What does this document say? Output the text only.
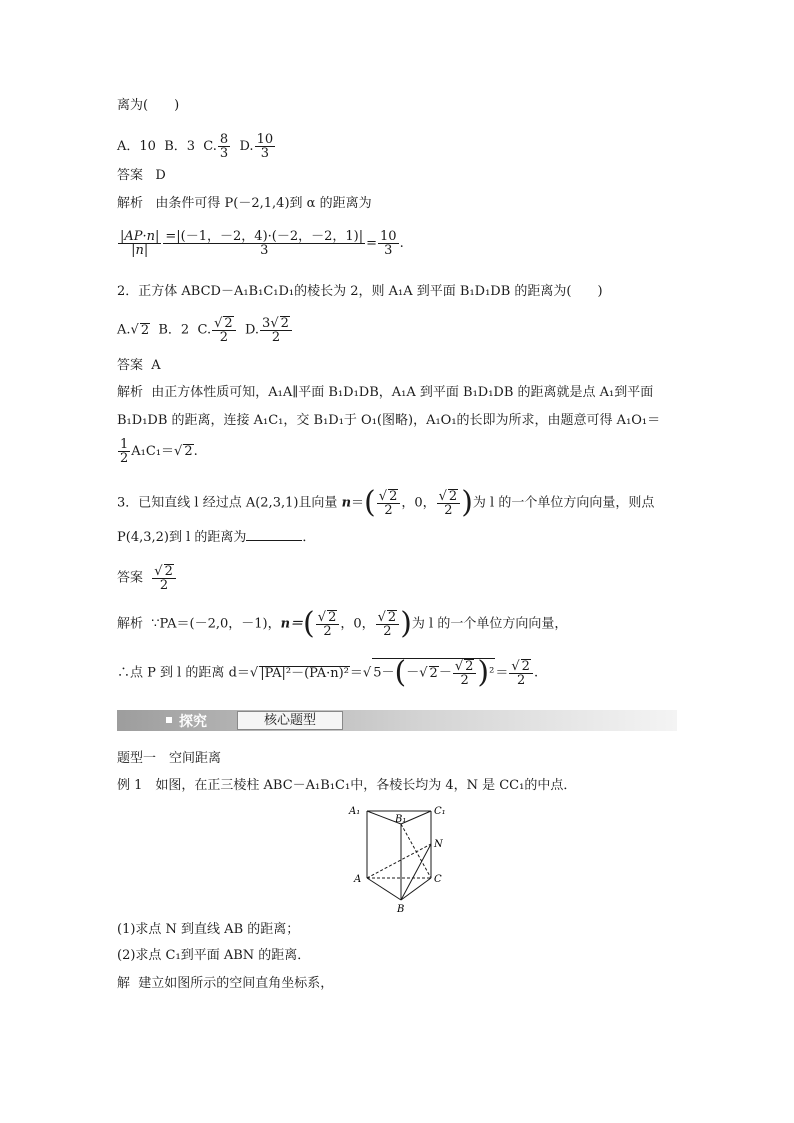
离为(　　)
A．10 B．3 C. $\frac{8}{3} D$. $\frac{10}{3}$
答案 D
解析 由条件可得 P(－2,1,4)到 α 的距离为
$\frac{|AP\cdot n|}{|n|} \frac{=|(-1,-2,4)\cdot(-2,-2,1)|}{3} = \frac{10}{3}$ .
2．正方体 ABCD－A₁B₁C₁D₁的棱长为 2，则 A₁A 到平面 B₁D₁DB 的距离为(　　)
A.√ 2 B．2 C. $\frac{√ 2}{2} D$. $\frac{3√ 2}{2}$
答案 A
解析 由正方体性质可知，A₁A∥平面 B₁D₁DB，A₁A 到平面 B₁D₁DB 的距离就是点 A₁到平面
B₁D₁DB 的距离，连接 A₁C₁，交 B₁D₁于 O₁(图略)，A₁O₁的长即为所求，由题意可得 A₁O₁＝
$\frac{1}{2} A_1C_1=√$ 2.
3．已知直线 l 经过点 A(2,3,1)且向量 $n=( \frac{√ 2}{2}$ ，0， $\frac{√ 2}{2}$ )为 l 的一个单位方向向量，则点
P(4,3,2)到 l 的距离为	．
答案 $\frac{√ 2}{2}$
解析 ∵PA＝(－2,0，－1)，$n=( \frac{√ 2}{2}$ ，0， $\frac{√ 2}{2}$ )为 l 的一个单位方向向量，
∴点 P 到 l 的距离 d＝√ |PA|²－(PA·n)²＝√ 5－(－√ $2- \frac{√ 2}{2} )^2= \frac{√ 2}{2}$ .
探究	核心题型
题型一　空间距离
例 1　如图，在正三棱柱 ABC－A₁B₁C₁中，各棱长均为 4，N 是 CC₁的中点．
A₁
B₁
C₁
N
A
B
C
(1)求点 N 到直线 AB 的距离；
(2)求点 C₁到平面 ABN 的距离．
解 建立如图所示的空间直角坐标系，
